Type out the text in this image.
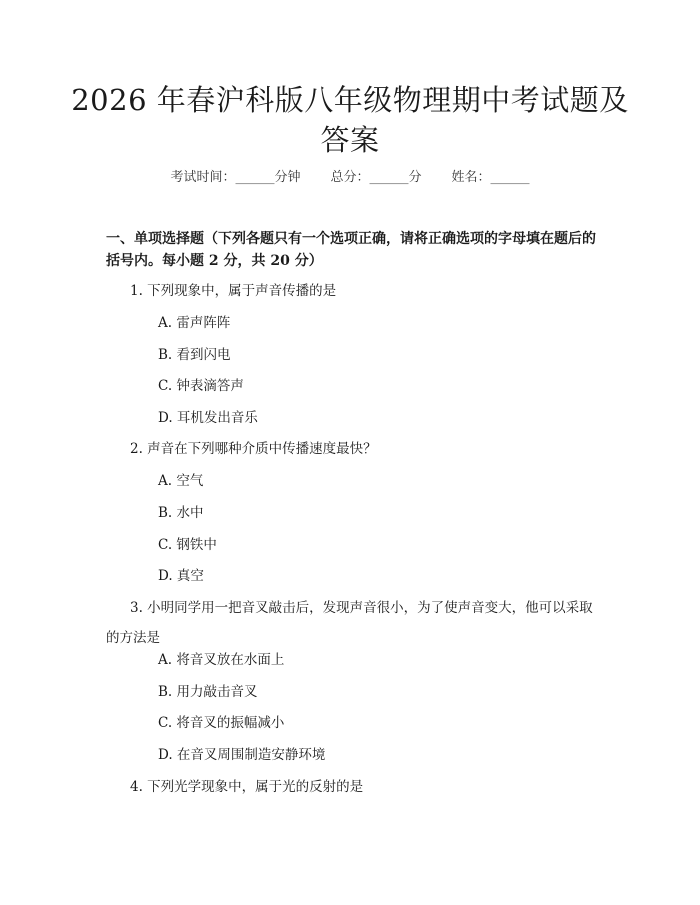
2026 年春沪科版八年级物理期中考试题及答案
考试时间：______分钟 总分：______分 姓名：______
一、单项选择题（下列各题只有一个选项正确，请将正确选项的字母填在题后的括号内。每小题 2 分，共 20 分）
1. 下列现象中，属于声音传播的是
A. 雷声阵阵
B. 看到闪电
C. 钟表滴答声
D. 耳机发出音乐
2. 声音在下列哪种介质中传播速度最快？
A. 空气
B. 水中
C. 钢铁中
D. 真空
3. 小明同学用一把音叉敲击后，发现声音很小，为了使声音变大，他可以采取的方法是
A. 将音叉放在水面上
B. 用力敲击音叉
C. 将音叉的振幅减小
D. 在音叉周围制造安静环境
4. 下列光学现象中，属于光的反射的是
